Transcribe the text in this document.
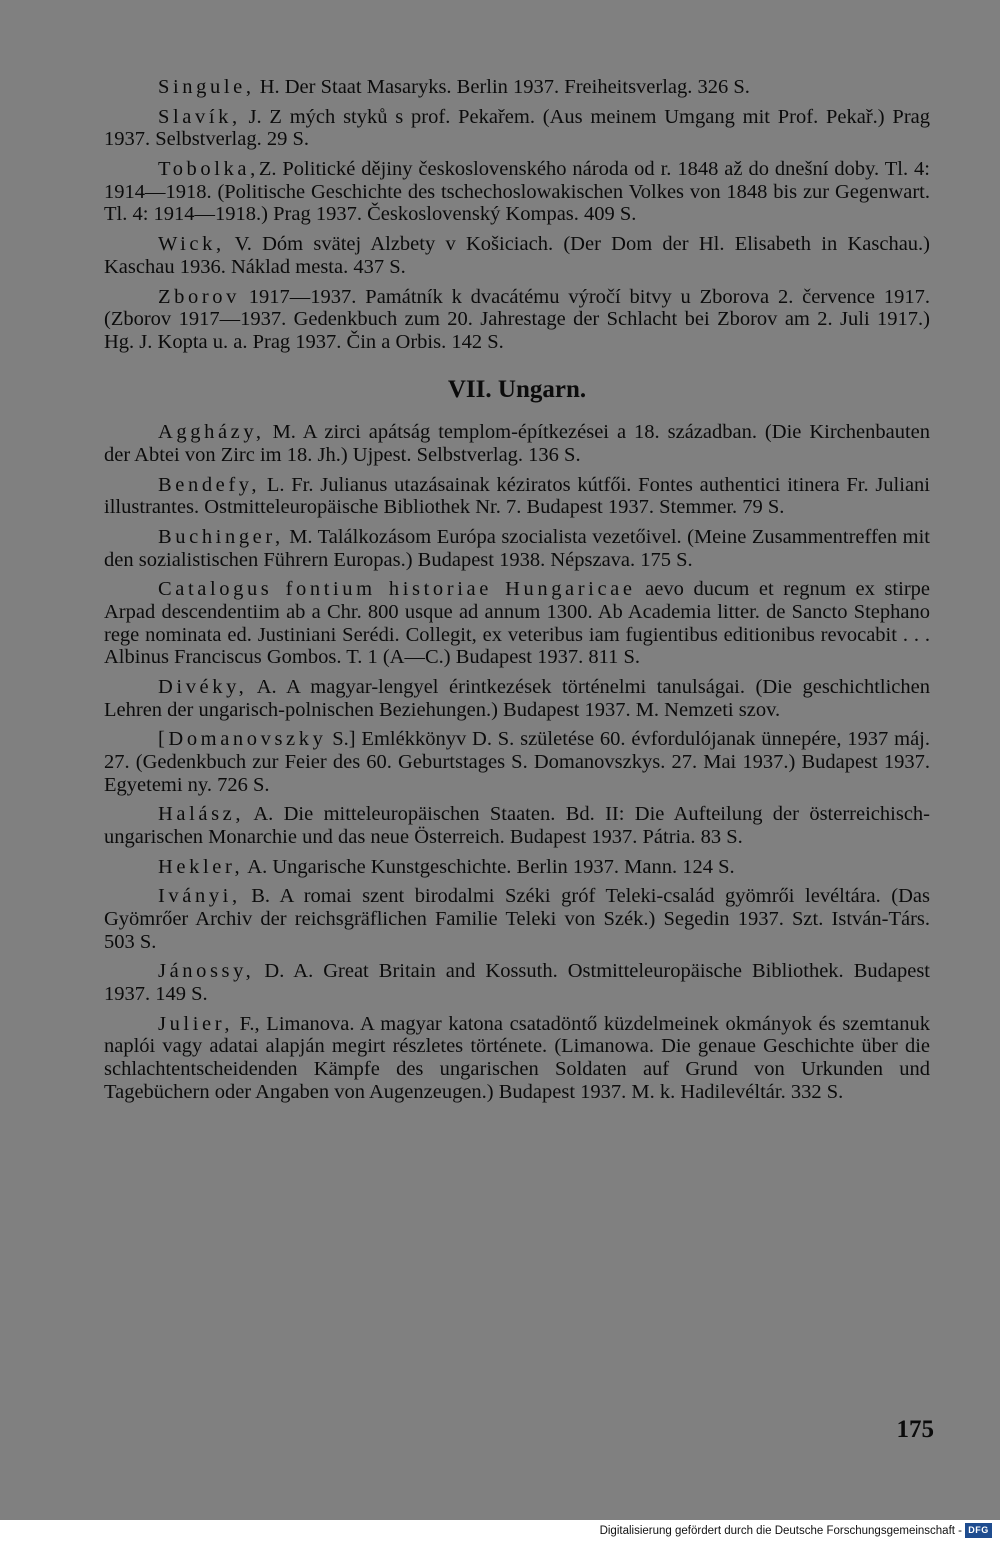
Singule, H. Der Staat Masaryks. Berlin 1937. Freiheitsverlag. 326 S.

Slavík, J. Z mých styků s prof. Pekařem. (Aus meinem Umgang mit Prof. Pekař.) Prag 1937. Selbstverlag. 29 S.

Tobolka,Z. Politické dějiny československého národa od r. 1848 až do dnešní doby. Tl. 4: 1914—1918. (Politische Geschichte des tschechoslowakischen Volkes von 1848 bis zur Gegenwart. Tl. 4: 1914—1918.) Prag 1937. Československý Kompas. 409 S.

Wick, V. Dóm svätej Alzbety v Košiciach. (Der Dom der Hl. Elisabeth in Kaschau.) Kaschau 1936. Náklad mesta. 437 S.

Zborov 1917—1937. Památník k dvacátému výročí bitvy u Zborova 2. července 1917. (Zborov 1917—1937. Gedenkbuch zum 20. Jahrestage der Schlacht bei Zborov am 2. Juli 1917.) Hg. J. Kopta u. a. Prag 1937. Čin a Orbis. 142 S.

VII. Ungarn.

Aggházy, M. A zirci apátság templom-építkezései a 18. században. (Die Kirchenbauten der Abtei von Zirc im 18. Jh.) Ujpest. Selbstverlag. 136 S.

Bendefy, L. Fr. Julianus utazásainak kéziratos kútfői. Fontes authentici itinera Fr. Juliani illustrantes. Ostmitteleuropäische Bibliothek Nr. 7. Budapest 1937. Stemmer. 79 S.

Buchinger, M. Találkozásom Európa szocialista vezetőivel. (Meine Zusammentreffen mit den sozialistischen Führern Europas.) Budapest 1938. Népszava. 175 S.

Catalogus fontium historiae Hungaricae aevo ducum et regnum ex stirpe Arpad descendentiim ab a Chr. 800 usque ad annum 1300. Ab Academia litter. de Sancto Stephano rege nominata ed. Justiniani Serédi. Collegit, ex veteribus iam fugientibus editionibus revocabit . . . Albinus Franciscus Gombos. T. 1 (A—C.) Budapest 1937. 811 S.

Divéky, A. A magyar-lengyel érintkezések történelmi tanulságai. (Die geschichtlichen Lehren der ungarisch-polnischen Beziehungen.) Budapest 1937. M. Nemzeti szov.

[Domanovszky S.] Emlékkönyv D. S. születése 60. évfordulójanak ünnepére, 1937 máj. 27. (Gedenkbuch zur Feier des 60. Geburtstages S. Domanovszkys. 27. Mai 1937.) Budapest 1937. Egyetemi ny. 726 S.

Halász, A. Die mitteleuropäischen Staaten. Bd. II: Die Aufteilung der österreichisch-ungarischen Monarchie und das neue Österreich. Budapest 1937. Pátria. 83 S.

Hekler, A. Ungarische Kunstgeschichte. Berlin 1937. Mann. 124 S.

Iványi, B. A romai szent birodalmi Széki gróf Teleki-család gyömrői levéltára. (Das Gyömrőer Archiv der reichsgräflichen Familie Teleki von Szék.) Segedin 1937. Szt. István-Társ. 503 S.

Jánossy, D. A. Great Britain and Kossuth. Ostmitteleuropäische Bibliothek. Budapest 1937. 149 S.

Julier, F., Limanova. A magyar katona csatadöntő küzdelmeinek okmányok és szemtanuk naplói vagy adatai alapján megirt részletes története. (Limanowa. Die genaue Geschichte über die schlachtentscheidenden Kämpfe des ungarischen Soldaten auf Grund von Urkunden und Tagebüchern oder Angaben von Augenzeugen.) Budapest 1937. M. k. Hadilevéltár. 332 S.

175
Digitalisierung gefördert durch die Deutsche Forschungsgemeinschaft - DFG
